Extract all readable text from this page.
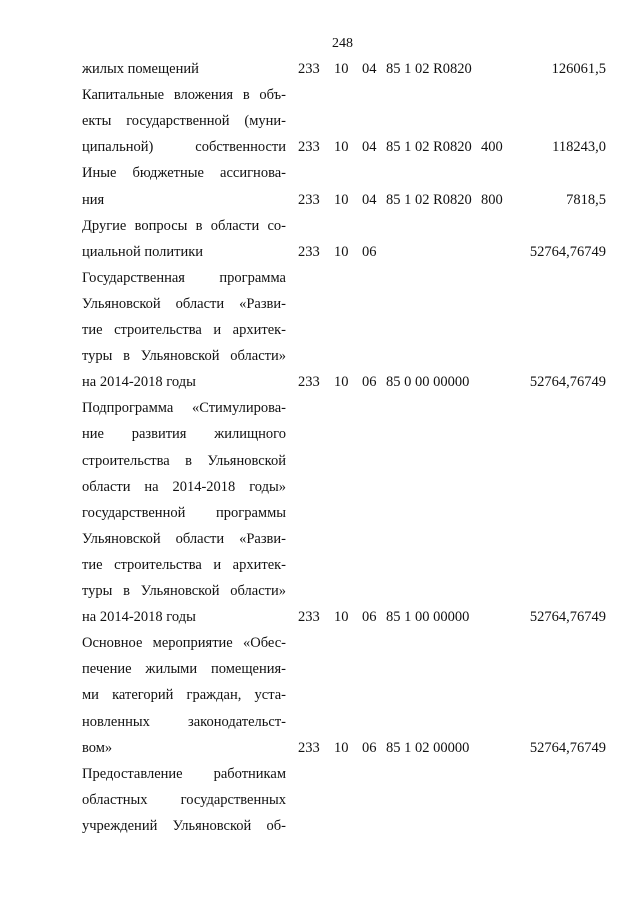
248
жилых помещений	233 10 04 85 1 02 R0820	126061,5
Капитальные вложения в объ-
екты государственной (муни-
ципальной) собственности 233 10 04 85 1 02 R0820 400	118243,0
Иные бюджетные ассигнова-
ния	233 10 04 85 1 02 R0820 800	7818,5
Другие вопросы в области со-
циальной политики	233 10 06	52764,76749
Государственная программа
Ульяновской области «Разви-
тие строительства и архитек-
туры в Ульяновской области»
на 2014-2018 годы	233 10 06 85 0 00 00000	52764,76749
Подпрограмма «Стимулирова-
ние развития жилищного
строительства в Ульяновской
области на 2014-2018 годы»
государственной программы
Ульяновской области «Разви-
тие строительства и архитек-
туры в Ульяновской области»
на 2014-2018 годы	233 10 06 85 1 00 00000	52764,76749
Основное мероприятие «Обес-
печение жилыми помещения-
ми категорий граждан, уста-
новленных законодательст-
вом»	233 10 06 85 1 02 00000	52764,76749
Предоставление работникам
областных государственных
учреждений Ульяновской об-
